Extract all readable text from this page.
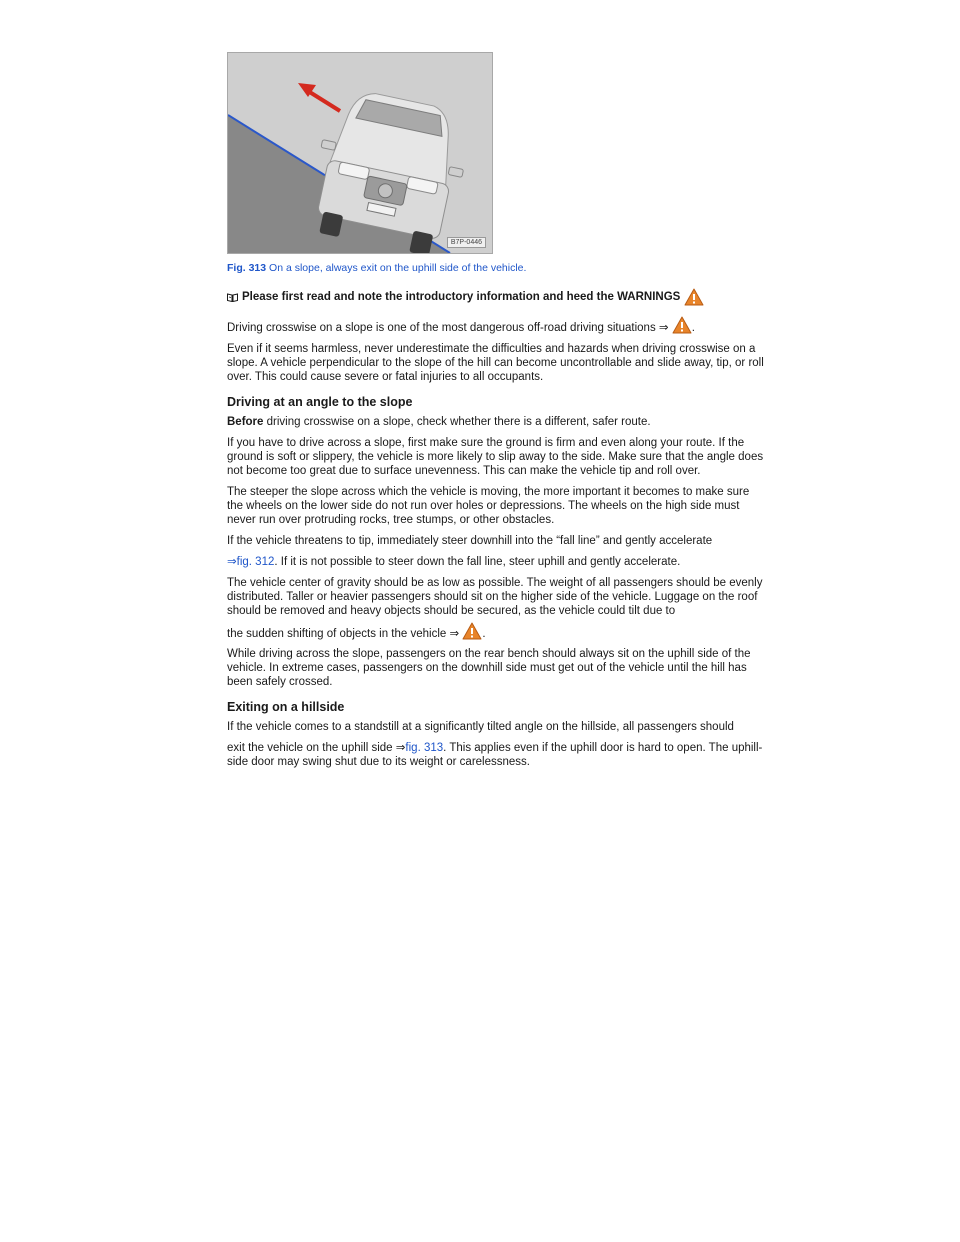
B7P-0446
Fig. 313 On a slope, always exit on the uphill side of the vehicle.
Please first read and note the introductory information and heed the WARNINGS

Driving crosswise on a slope is one of the most dangerous off-road driving situations ⇒ .

Even if it seems harmless, never underestimate the difficulties and hazards when driving crosswise on a slope. A vehicle perpendicular to the slope of the hill can become uncontrollable and slide away, tip, or roll over. This could cause severe or fatal injuries to all occupants.

Driving at an angle to the slope

Before driving crosswise on a slope, check whether there is a different, safer route.

If you have to drive across a slope, first make sure the ground is firm and even along your route. If the ground is soft or slippery, the vehicle is more likely to slip away to the side. Make sure that the angle does not become too great due to surface unevenness. This can make the vehicle tip and roll over.

The steeper the slope across which the vehicle is moving, the more important it becomes to make sure the wheels on the lower side do not run over holes or depressions. The wheels on the high side must never run over protruding rocks, tree stumps, or other obstacles.

If the vehicle threatens to tip, immediately steer downhill into the “fall line” and gently accelerate

⇒fig. 312. If it is not possible to steer down the fall line, steer uphill and gently accelerate.

The vehicle center of gravity should be as low as possible. The weight of all passengers should be evenly distributed. Taller or heavier passengers should sit on the higher side of the vehicle. Luggage on the roof should be removed and heavy objects should be secured, as the vehicle could tilt due to

the sudden shifting of objects in the vehicle ⇒ .

While driving across the slope, passengers on the rear bench should always sit on the uphill side of the vehicle. In extreme cases, passengers on the downhill side must get out of the vehicle until the hill has been safely crossed.

Exiting on a hillside

If the vehicle comes to a standstill at a significantly tilted angle on the hillside, all passengers should

exit the vehicle on the uphill side ⇒fig. 313. This applies even if the uphill door is hard to open. The uphill-side door may swing shut due to its weight or carelessness.
